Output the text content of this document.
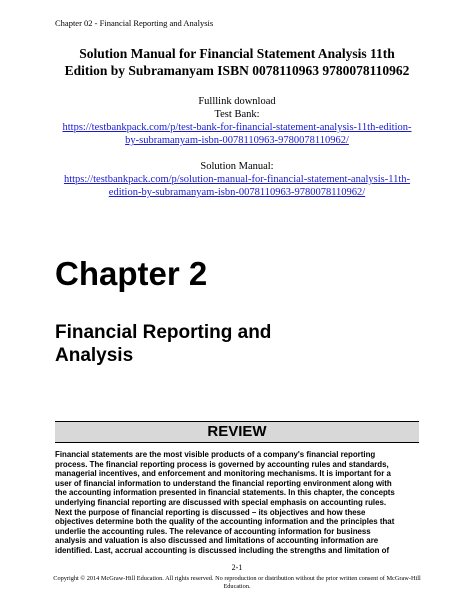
Chapter 02 - Financial Reporting and Analysis
Solution Manual for Financial Statement Analysis 11th
Edition by Subramanyam ISBN 0078110963 9780078110962
Fulllink download
Test Bank:
https://testbankpack.com/p/test-bank-for-financial-statement-analysis-11th-edition-
by-subramanyam-isbn-0078110963-9780078110962/
Solution Manual:
https://testbankpack.com/p/solution-manual-for-financial-statement-analysis-11th-
edition-by-subramanyam-isbn-0078110963-9780078110962/
Chapter 2
Financial Reporting and
Analysis
REVIEW
Financial statements are the most visible products of a company's financial reporting
process. The financial reporting process is governed by accounting rules and standards,
managerial incentives, and enforcement and monitoring mechanisms. It is important for a
user of financial information to understand the financial reporting environment along with
the accounting information presented in financial statements. In this chapter, the concepts
underlying financial reporting are discussed with special emphasis on accounting rules.
Next the purpose of financial reporting is discussed – its objectives and how these
objectives determine both the quality of the accounting information and the principles that
underlie the accounting rules. The relevance of accounting information for business
analysis and valuation is also discussed and limitations of accounting information are
identified. Last, accrual accounting is discussed including the strengths and limitation of
2-1
Copyright © 2014 McGraw-Hill Education. All rights reserved. No reproduction or distribution without the prior written consent of McGraw-Hill
Education.
